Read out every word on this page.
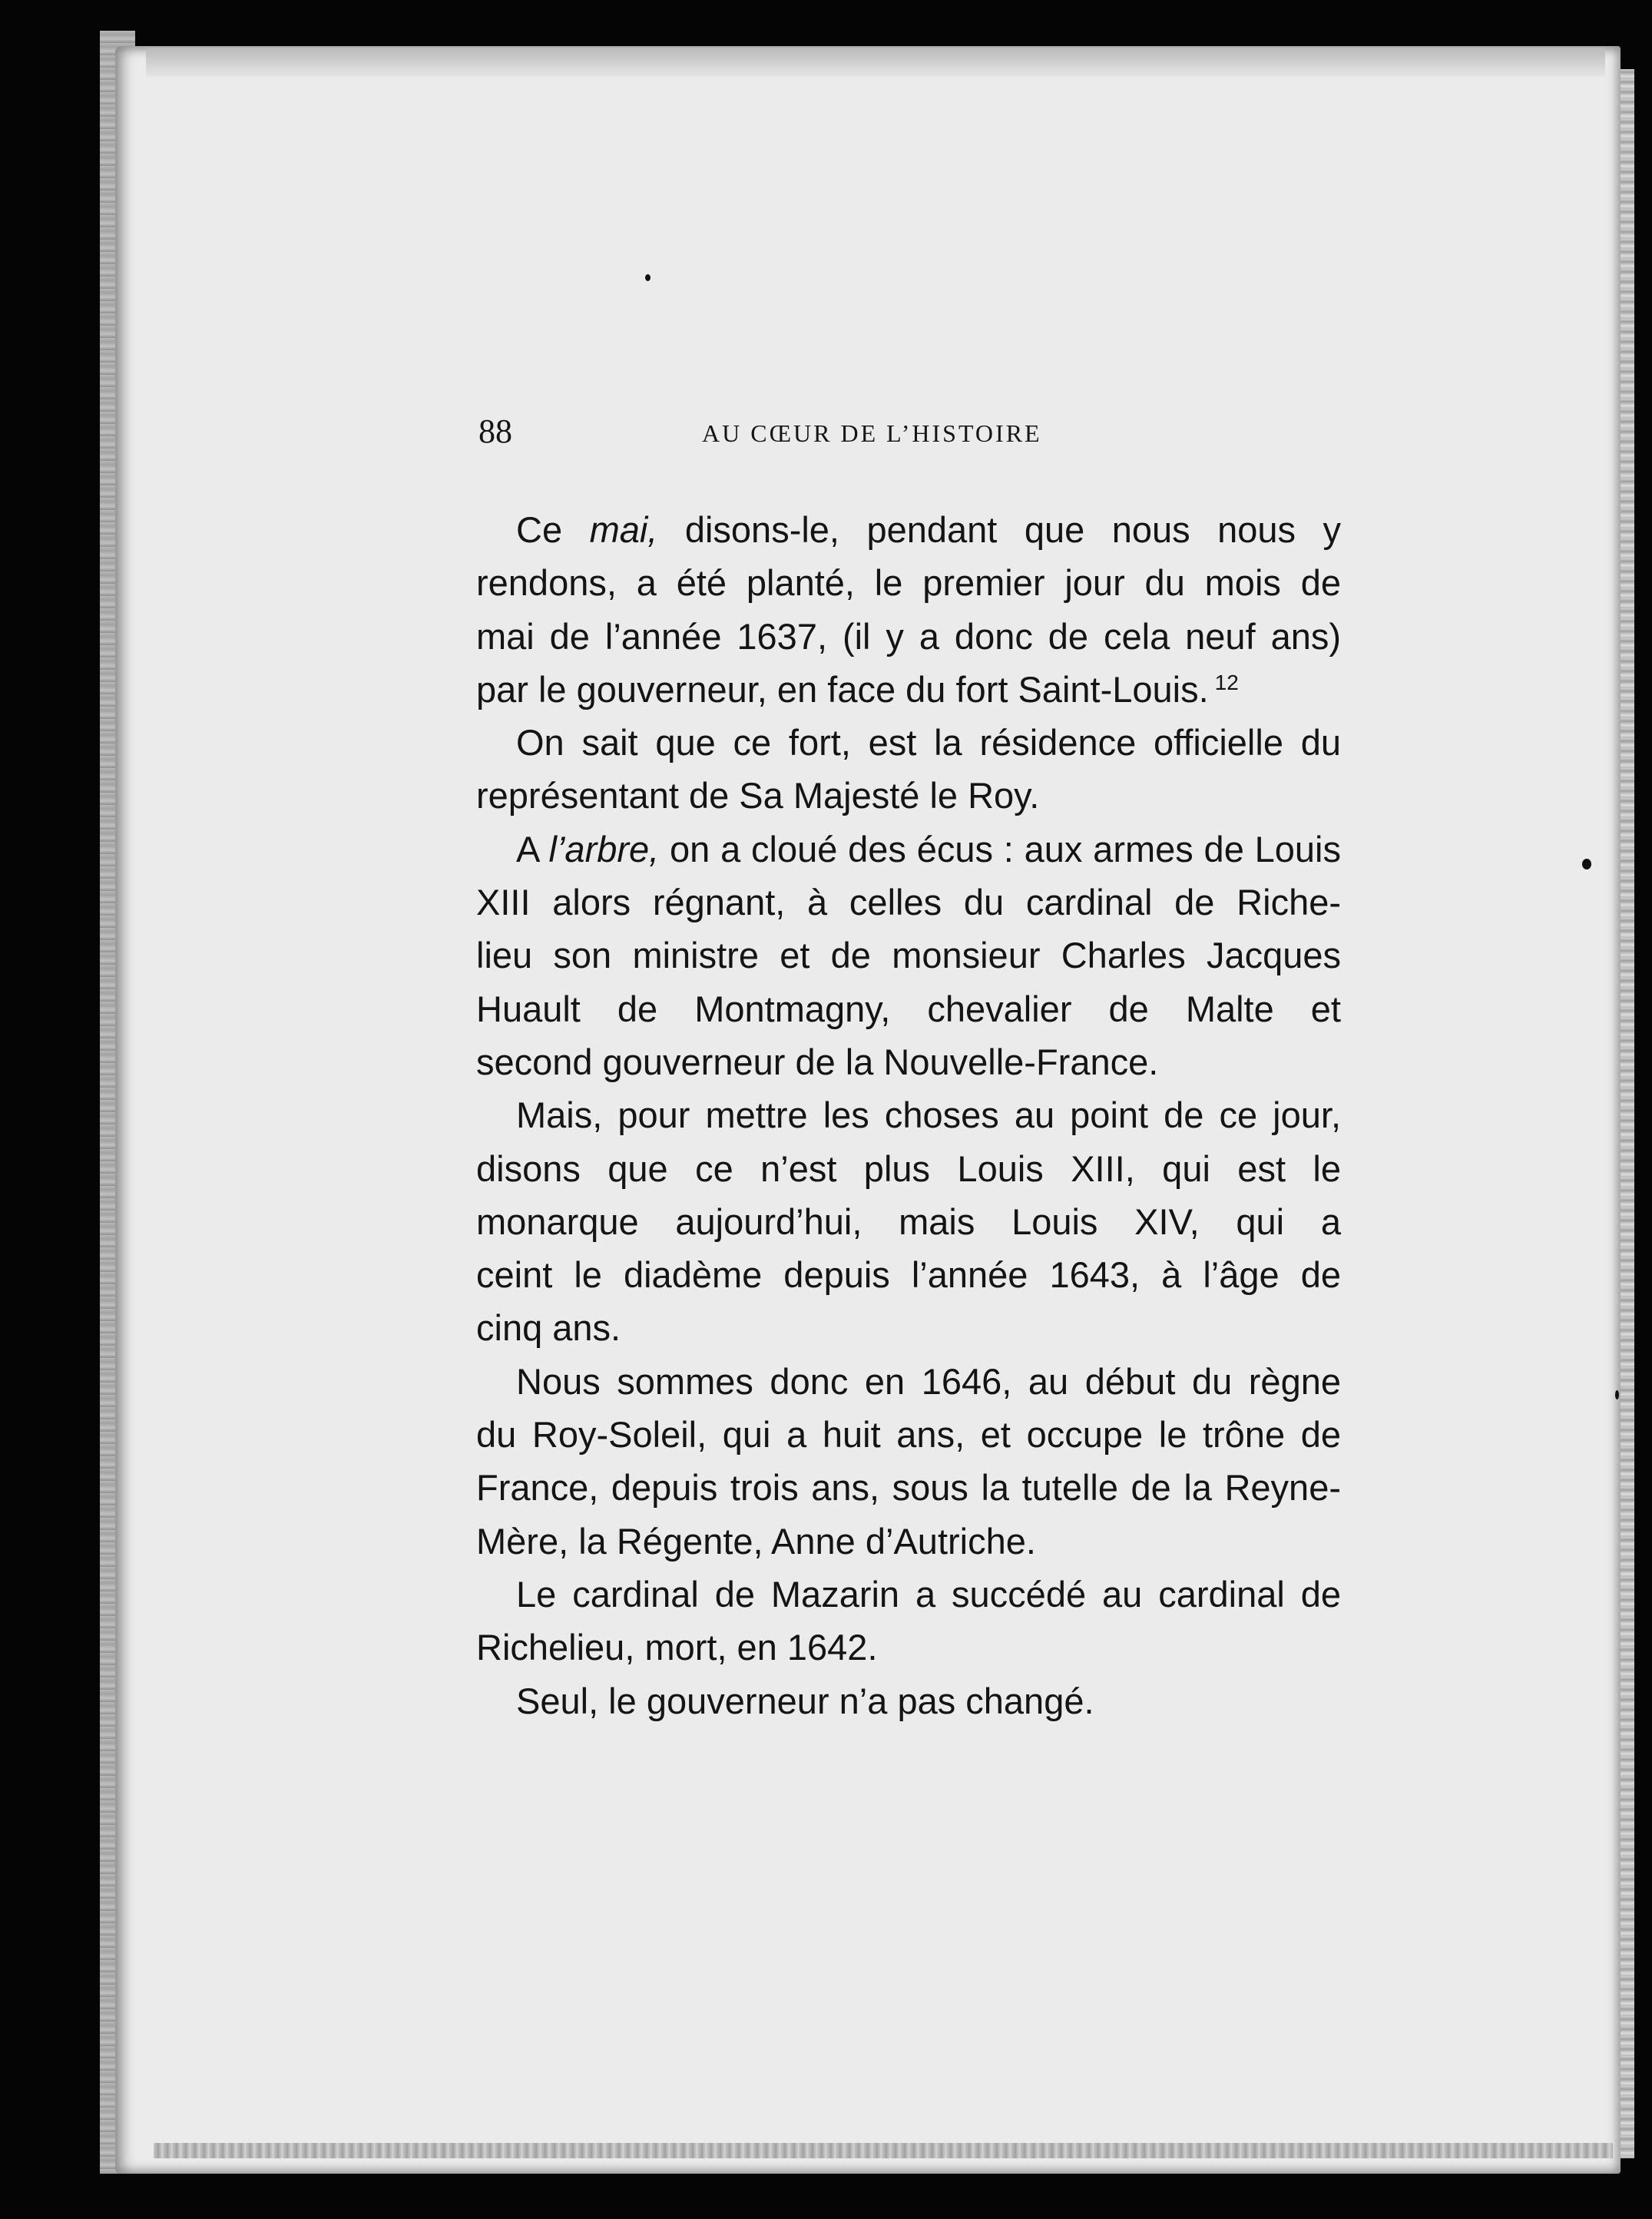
88	AU CŒUR DE L’HISTOIRE
Ce mai, disons-le, pendant que nous nous y
rendons, a été planté, le premier jour du mois de
mai de l’année 1637, (il y a donc de cela neuf ans)
par le gouverneur, en face du fort Saint-Louis. $^{12}$
On sait que ce fort, est la résidence officielle du
représentant de Sa Majesté le Roy.
A l’arbre, on a cloué des écus : aux armes de Louis
XIII alors régnant, à celles du cardinal de Riche-
lieu son ministre et de monsieur Charles Jacques
Huault de Montmagny, chevalier de Malte et
second gouverneur de la Nouvelle-France.
Mais, pour mettre les choses au point de ce jour,
disons que ce n’est plus Louis XIII, qui est le
monarque aujourd’hui, mais Louis XIV, qui a
ceint le diadème depuis l’année 1643, à l’âge de
cinq ans.
Nous sommes donc en 1646, au début du règne
du Roy-Soleil, qui a huit ans, et occupe le trône de
France, depuis trois ans, sous la tutelle de la Reyne-
Mère, la Régente, Anne d’Autriche.
Le cardinal de Mazarin a succédé au cardinal de
Richelieu, mort, en 1642.
Seul, le gouverneur n’a pas changé.
